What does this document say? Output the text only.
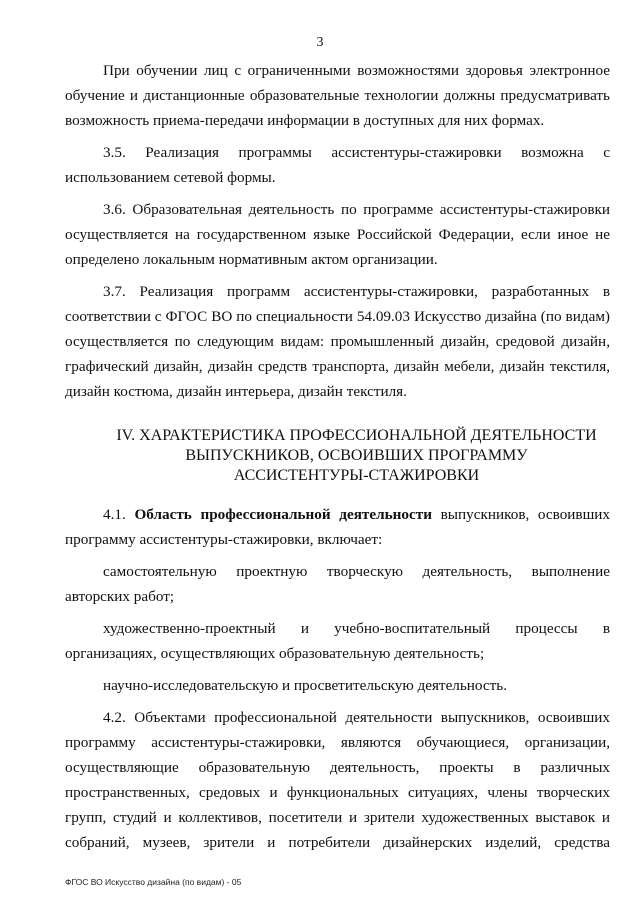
3

При обучении лиц с ограниченными возможностями здоровья электронное обучение и дистанционные образовательные технологии должны предусматривать возможность приема-передачи информации в доступных для них формах.

3.5. Реализация программы ассистентуры-стажировки возможна с использованием сетевой формы.

3.6. Образовательная деятельность по программе ассистентуры-стажировки осуществляется на государственном языке Российской Федерации, если иное не определено локальным нормативным актом организации.

3.7. Реализация программ ассистентуры-стажировки, разработанных в соответствии с ФГОС ВО по специальности 54.09.03 Искусство дизайна (по видам) осуществляется по следующим видам: промышленный дизайн, средовой дизайн, графический дизайн, дизайн средств транспорта, дизайн мебели, дизайн текстиля, дизайн костюма, дизайн интерьера, дизайн текстиля.

IV. ХАРАКТЕРИСТИКА ПРОФЕССИОНАЛЬНОЙ ДЕЯТЕЛЬНОСТИ
ВЫПУСКНИКОВ, ОСВОИВШИХ ПРОГРАММУ
АССИСТЕНТУРЫ-СТАЖИРОВКИ

4.1. Область профессиональной деятельности выпускников, освоивших программу ассистентуры-стажировки, включает:

самостоятельную проектную творческую деятельность, выполнение авторских работ;

художественно-проектный и учебно-воспитательный процессы в организациях, осуществляющих образовательную деятельность;

научно-исследовательскую и просветительскую деятельность.

4.2. Объектами профессиональной деятельности выпускников, освоивших программу ассистентуры-стажировки, являются обучающиеся, организации, осуществляющие образовательную деятельность, проекты в различных пространственных, средовых и функциональных ситуациях, члены творческих групп, студий и коллективов, посетители и зрители художественных выставок и собраний, музеев, зрители и потребители дизайнерских изделий, средства

ФГОС ВО Искусство дизайна (по видам) - 05
